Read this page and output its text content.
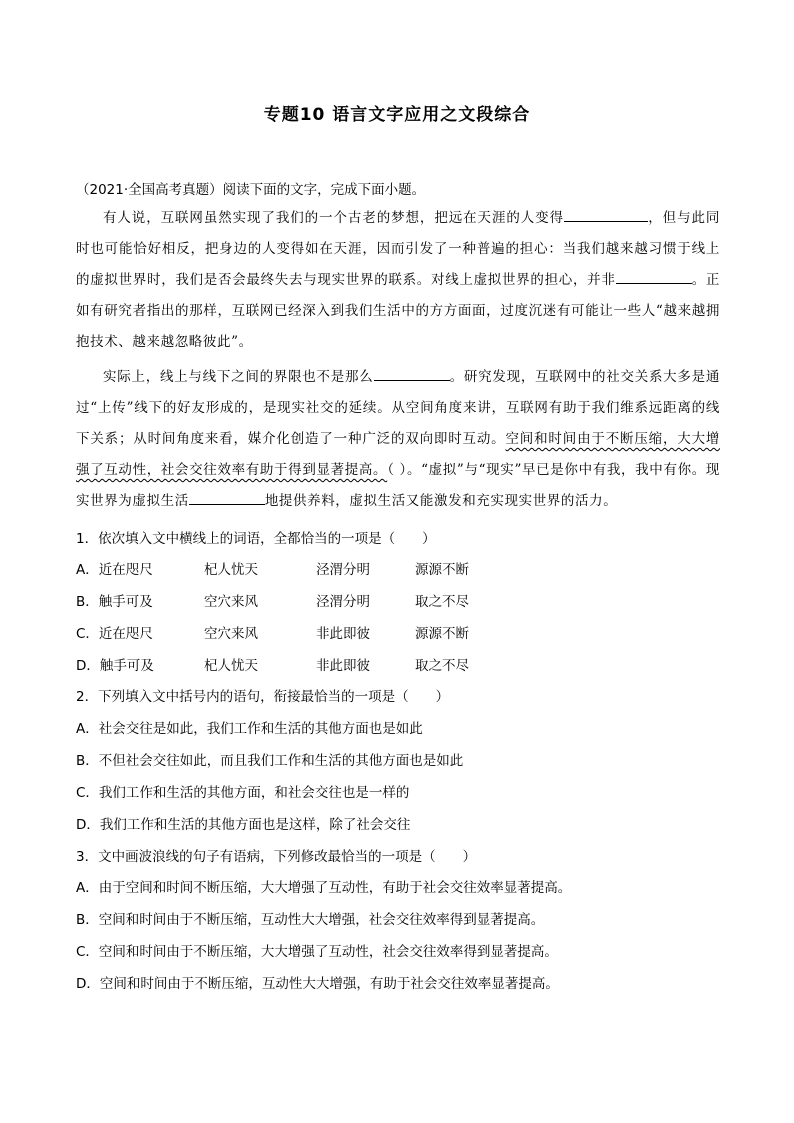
专题10 语言文字应用之文段综合
（2021·全国高考真题）阅读下面的文字，完成下面小题。

有人说，互联网虽然实现了我们的一个古老的梦想，把远在天涯的人变得	，但与此同时也可能恰好相反，把身边的人变得如在天涯，因而引发了一种普遍的担心：当我们越来越习惯于线上的虚拟世界时，我们是否会最终失去与现实世界的联系。对线上虚拟世界的担心，并非	。正如有研究者指出的那样，互联网已经深入到我们生活中的方方面面，过度沉迷有可能让一些人“越来越拥抱技术、越来越忽略彼此”。

实际上，线上与线下之间的界限也不是那么	。研究发现，互联网中的社交关系大多是通过“上传”线下的好友形成的，是现实社交的延续。从空间角度来讲，互联网有助于我们维系远距离的线下关系；从时间角度来看，媒介化创造了一种广泛的双向即时互动。空间和时间由于不断压缩，大大增强了互动性，社会交往效率有助于得到显著提高。（ ）。“虚拟”与“现实”早已是你中有我，我中有你。现实世界为虚拟生活	地提供养料，虚拟生活又能激发和充实现实世界的活力。

1．依次填入文中横线上的词语，全都恰当的一项是（　　）
A．近在咫尺	杞人忧天	泾渭分明	源源不断
B．触手可及	空穴来风	泾渭分明	取之不尽
C．近在咫尺	空穴来风	非此即彼	源源不断
D．触手可及	杞人忧天	非此即彼	取之不尽
2．下列填入文中括号内的语句，衔接最恰当的一项是（　　）
A．社会交往是如此，我们工作和生活的其他方面也是如此
B．不但社会交往如此，而且我们工作和生活的其他方面也是如此
C．我们工作和生活的其他方面，和社会交往也是一样的
D．我们工作和生活的其他方面也是这样，除了社会交往
3．文中画波浪线的句子有语病，下列修改最恰当的一项是（　　）
A．由于空间和时间不断压缩，大大增强了互动性，有助于社会交往效率显著提高。
B．空间和时间由于不断压缩，互动性大大增强，社会交往效率得到显著提高。
C．空间和时间由于不断压缩，大大增强了互动性，社会交往效率得到显著提高。
D．空间和时间由于不断压缩，互动性大大增强，有助于社会交往效率显著提高。
